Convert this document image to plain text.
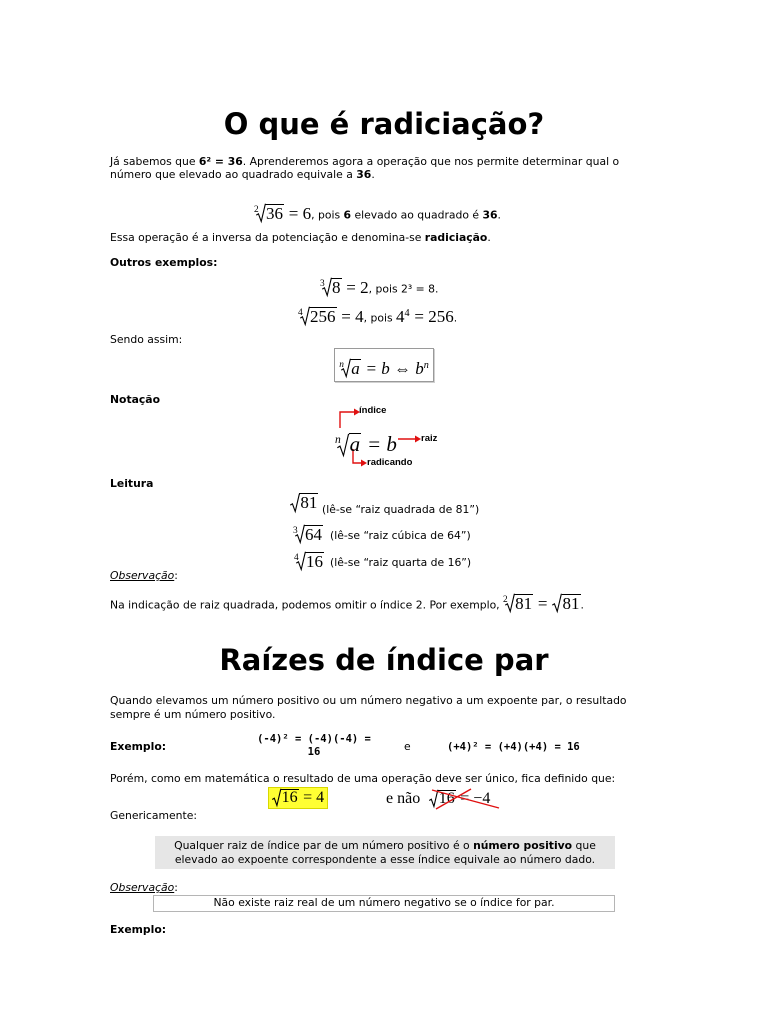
O que é radiciação?
Já sabemos que 6² = 36. Aprenderemos agora a operação que nos permite determinar qual o
número que elevado ao quadrado equivale a 36.
$^2$ 36 = 6, pois 6 elevado ao quadrado é 36.
Essa operação é a inversa da potenciação e denomina-se radiciação.
Outros exemplos:
$^3$ 8 = 2, pois 2³ = 8.
$^4$ 256 = 4, pois $4^4 = 256$.
Sendo assim:
$^n$ a = b ⇔ $b^n$
Notação
índice
$^n$ a = b	raiz
radicando
Leitura
81 (lê-se “raiz quadrada de 81”)
$^3$ 64 (lê-se “raiz cúbica de 64”)
$^4$ 16 (lê-se “raiz quarta de 16”)
Observação:
Na indicação de raiz quadrada, podemos omitir o índice 2. Por exemplo, $^2$ 81 = 81.
Raízes de índice par
Quando elevamos um número positivo ou um número negativo a um expoente par, o resultado
sempre é um número positivo.
Exemplo:
(-4)² = (-4)(-4) =
16	e	(+4)² = (+4)(+4) = 16
Porém, como em matemática o resultado de uma operação deve ser único, fica definido que:
16 = 4	e não	16 = −4
Genericamente:
Qualquer raiz de índice par de um número positivo é o número positivo que
elevado ao expoente correspondente a esse índice equivale ao número dado.
Observação:
Não existe raiz real de um número negativo se o índice for par.
Exemplo:
